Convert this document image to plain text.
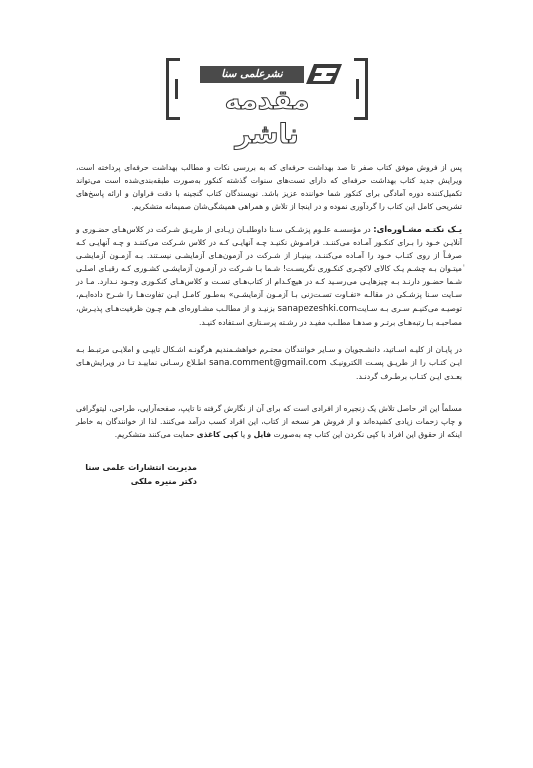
نشرعلمی سنا
مقدمه ناشر

پس از فروش موفق کتاب صفر تا صد بهداشت حرفه‌ای که به بررسی نکات و مطالب بهداشت حرفه‌ای پرداخته است، ویرایش جدید کتاب بهداشت حرفه‌ای که دارای تست‌های سنوات گذشته کنکور به‌صورت طبقه‌بندی‌شده است می‌تواند تکمیل‌کننده دوره آمادگی برای کنکور شما خواننده عزیز باشد. نویسندگان کتاب گنجینه با دقت فراوان و ارائه پاسخ‌های تشریحی کامل این کتاب را گردآوری نموده و در اینجا از تلاش و همراهی همیشگی‌شان صمیمانه متشکریم.

یـک نکتـه مشـاوره‌ای: در مؤسسـه علـوم پزشـکی سـنا داوطلبـان زیـادی از طریـق شـرکت در کلاس‌هـای حضـوری و آنلایـن خـود را بـرای کنکـور آمـاده می‌کننـد. فرامـوش نکنیـد چـه آنهایـی کـه در کلاس شـرکت می‌کننـد و چـه آنهایـی کـه صرفـاً از روی کتـاب خـود را آمـاده می‌کننـد، بینیـاز از شـرکت در آزمون‌هـای آزمایشـی نیسـتند. بـه آزمـون آزمایشـی ٰمیتـوان بـه چشـم یـک کالای لاکچـری کنکـوری نگریسـت! شـما بـا شـرکت در آزمـون آزمایشـی کشـوری کـه رقبـای اصلـی شـما حضـور دارنـد بـه چیزهایـی می‌رسـید کـه در هیچ‌کـدام از کتاب‌هـای تسـت و کلاس‌هـای کنکـوری وجـود نـدارد. مـا در سـایت سـنا پزشـکی در مقالـه «تفـاوت تسـت‌زنی بـا آزمـون آزمایشـی» به‌طـور کامـل ایـن تفاوت‌هـا را شـرح داده‌ایـم، توصیـه می‌کنیـم سـری بـه سـایتsanapezeshki.com بزنیـد و از مطالـب مشـاوره‌ای هـم چـون ظرفیت‌هـای پذیـرش، مصاحبـه بـا رتبه‌هـای برتـر و صدهـا مطلـب مفیـد در رشـته پرسـتاری اسـتفاده کنیـد.

در پایـان از کلیـه اسـاتید، دانشـجویان و سـایر خوانندگان محتـرم خواهشـمندیم هرگونـه اشـکال تایپـی و املایـی مرتبـط بـه ایـن کتـاب را از طریـق پسـت الکترونیـک sana.comment@gmail.com اطـلاع رسـانی نماییـد تـا در ویرایش‌هـای بعـدی ایـن کتـاب برطـرف گردنـد.

مسلماً این اثر حاصل تلاش یک زنجیره از افرادی است که برای آن از نگارش گرفته تا تایپ، صفحه‌آرایی، طراحی، لیتوگرافی و چاپ زحمات زیادی کشیده‌اند و از فروش هر نسخه از کتاب، این افراد کسب درآمد می‌کنند. لذا از خوانندگان به خاطر اینکه از حقوق این افراد با کپی نکردن این کتاب چه به‌صورت فایل و یا کپی کاغذی حمایت می‌کنند متشکریم.

مدیریت انتشارات علمی سنا
دکتر منیره ملکی
